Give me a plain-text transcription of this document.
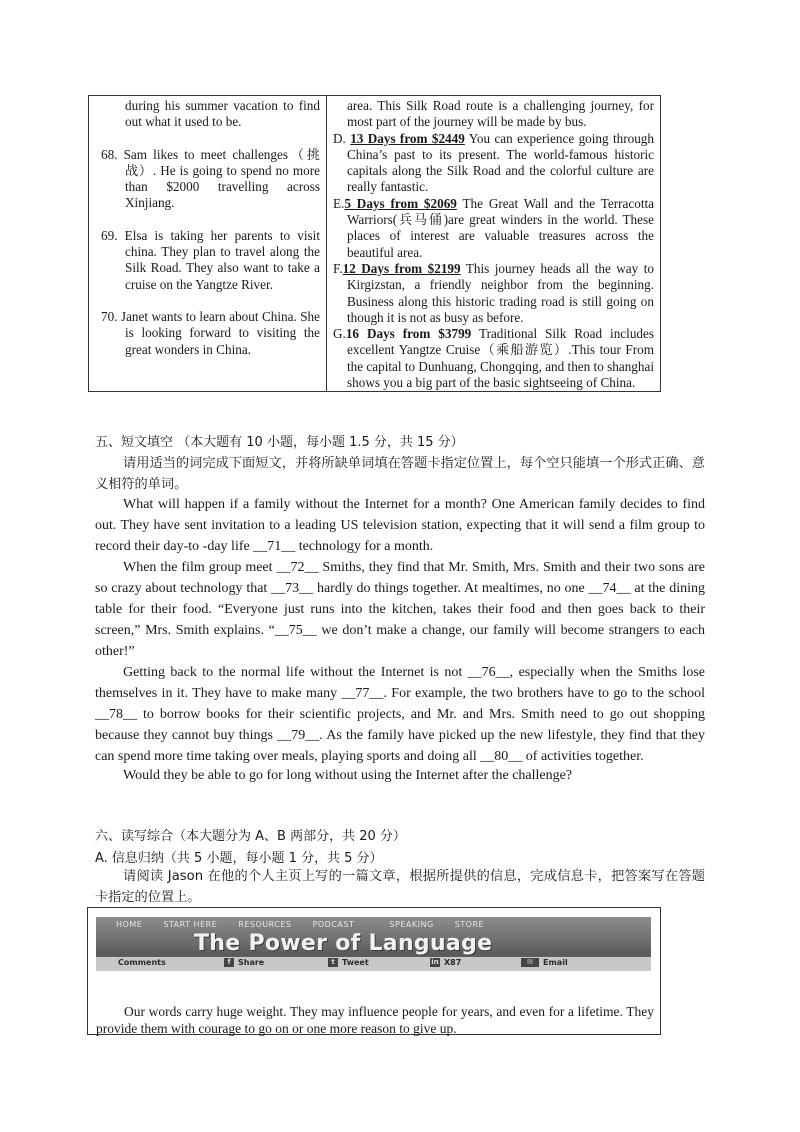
during his summer vacation to find out what it used to be.

68. Sam likes to meet challenges（挑战）. He is going to spend no more than $2000 travelling across Xinjiang.

69. Elsa is taking her parents to visit china. They plan to travel along the Silk Road. They also want to take a cruise on the Yangtze River.

70. Janet wants to learn about China. She is looking forward to visiting the great wonders in China.

area. This Silk Road route is a challenging journey, for most part of the journey will be made by bus.

D. 13 Days from $2449 You can experience going through China’s past to its present. The world-famous historic capitals along the Silk Road and the colorful culture are really fantastic.

E.5 Days from $2069 The Great Wall and the Terracotta Warriors(兵马俑)are great winders in the world. These places of interest are valuable treasures across the beautiful area.

F.12 Days from $2199 This journey heads all the way to Kirgizstan, a friendly neighbor from the beginning. Business along this historic trading road is still going on though it is not as busy as before.

G.16 Days from $3799 Traditional Silk Road includes excellent Yangtze Cruise（乘船游览）.This tour From the capital to Dunhuang, Chongqing, and then to shanghai shows you a big part of the basic sightseeing of China.

五、短文填空 （本大题有 10 小题，每小题 1.5 分，共 15 分）

请用适当的词完成下面短文，并将所缺单词填在答题卡指定位置上，每个空只能填一个形式正确、意义相符的单词。

What will happen if a family without the Internet for a month? One American family decides to find out. They have sent invitation to a leading US television station, expecting that it will send a film group to record their day-to -day life __71__ technology for a month.

When the film group meet __72__ Smiths, they find that Mr. Smith, Mrs. Smith and their two sons are so crazy about technology that __73__ hardly do things together. At mealtimes, no one __74__ at the dining table for their food. “Everyone just runs into the kitchen, takes their food and then goes back to their screen,” Mrs. Smith explains. “__75__ we don’t make a change, our family will become strangers to each other!”

Getting back to the normal life without the Internet is not __76__, especially when the Smiths lose themselves in it. They have to make many __77__. For example, the two brothers have to go to the school __78__ to borrow books for their scientific projects, and Mr. and Mrs. Smith need to go out shopping because they cannot buy things __79__. As the family have picked up the new lifestyle, they find that they can spend more time taking over meals, playing sports and doing all __80__ of activities together.

Would they be able to go for long without using the Internet after the challenge?

六、读写综合（本大题分为 A、B 两部分，共 20 分）
A. 信息归纳（共 5 小题，每小题 1 分，共 5 分）

请阅读 Jason 在他的个人主页上写的一篇文章，根据所提供的信息，完成信息卡，把答案写在答题卡指定的位置上。

HOME	START HERE	RESOURCES	PODCAST	SPEAKING	STORE
The Power of Language
Comments	f Share	t Tweet	in X87	✉	Email

Our words carry huge weight. They may influence people for years, and even for a lifetime. They provide them with courage to go on or one more reason to give up.
